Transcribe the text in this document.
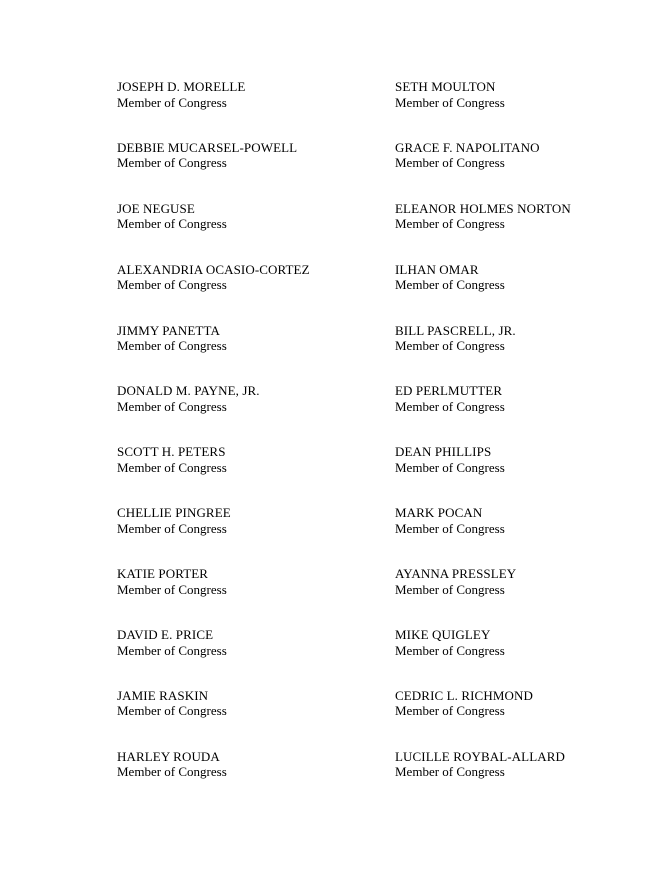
JOSEPH D. MORELLE
Member of Congress
SETH MOULTON
Member of Congress
DEBBIE MUCARSEL-POWELL
Member of Congress
GRACE F. NAPOLITANO
Member of Congress
JOE NEGUSE
Member of Congress
ELEANOR HOLMES NORTON
Member of Congress
ALEXANDRIA OCASIO-CORTEZ
Member of Congress
ILHAN OMAR
Member of Congress
JIMMY PANETTA
Member of Congress
BILL PASCRELL, JR.
Member of Congress
DONALD M. PAYNE, JR.
Member of Congress
ED PERLMUTTER
Member of Congress
SCOTT H. PETERS
Member of Congress
DEAN PHILLIPS
Member of Congress
CHELLIE PINGREE
Member of Congress
MARK POCAN
Member of Congress
KATIE PORTER
Member of Congress
AYANNA PRESSLEY
Member of Congress
DAVID E. PRICE
Member of Congress
MIKE QUIGLEY
Member of Congress
JAMIE RASKIN
Member of Congress
CEDRIC L. RICHMOND
Member of Congress
HARLEY ROUDA
Member of Congress
LUCILLE ROYBAL-ALLARD
Member of Congress
